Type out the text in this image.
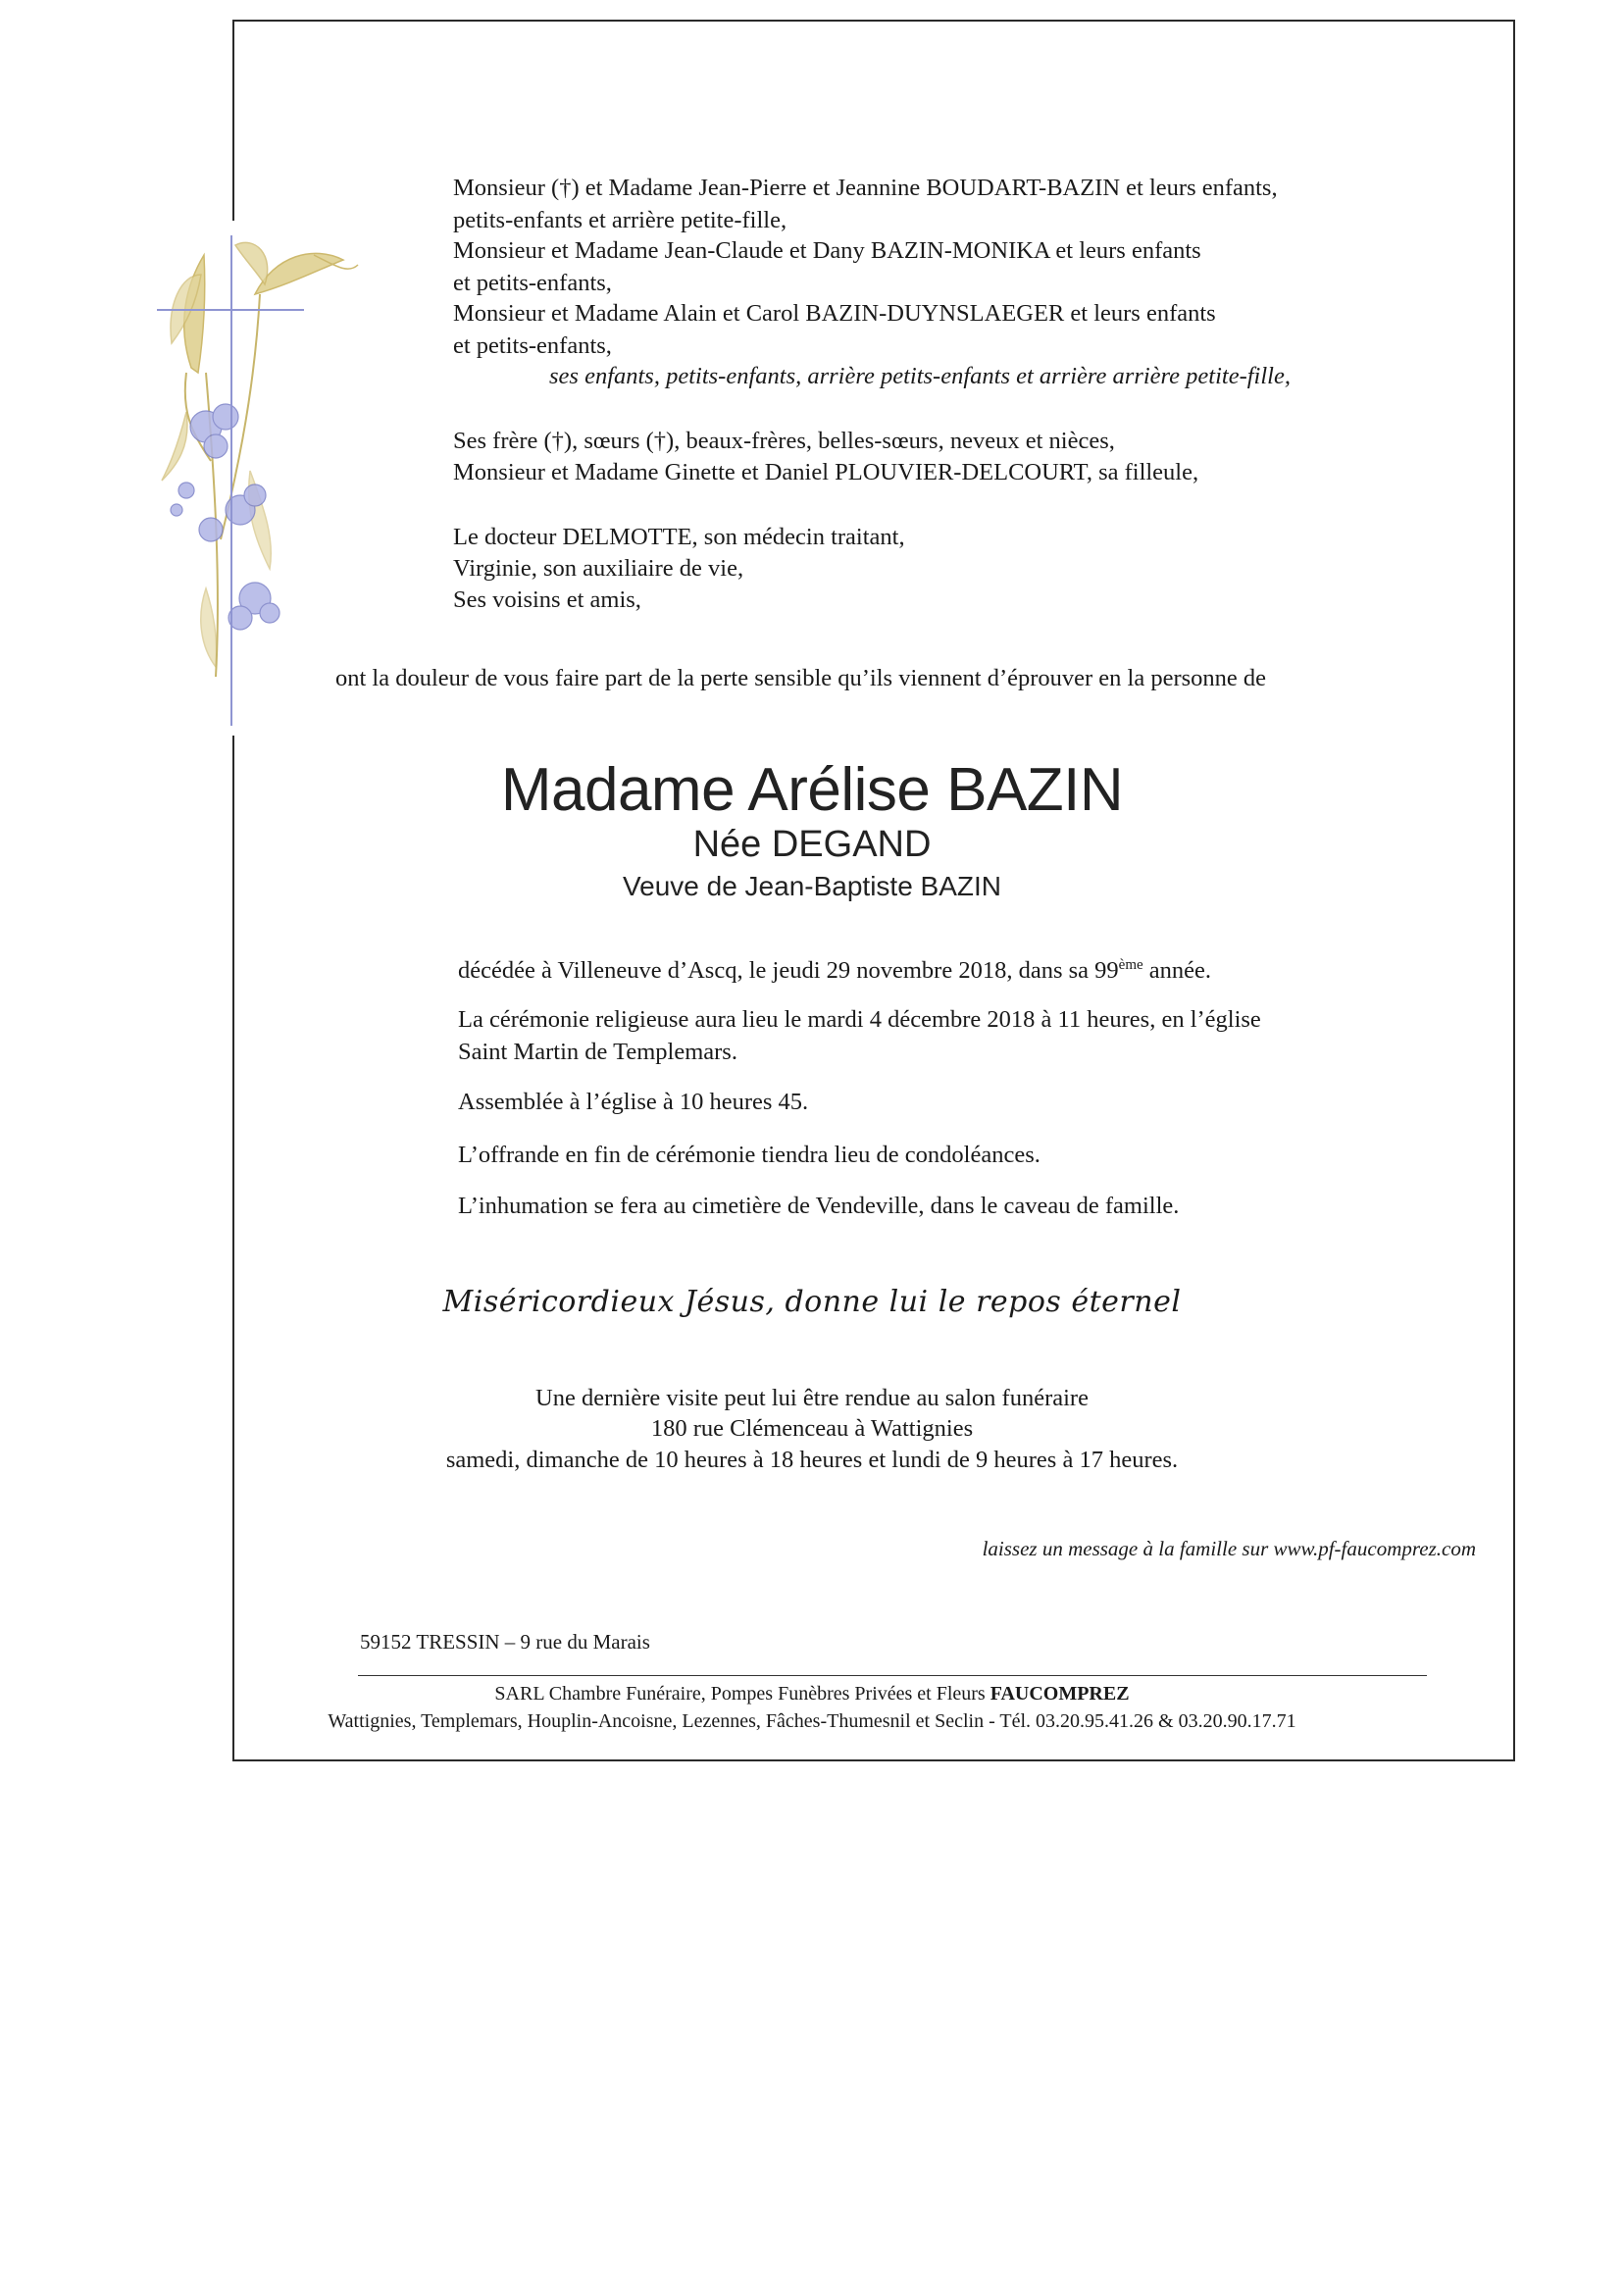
Monsieur (†) et Madame Jean-Pierre et Jeannine BOUDART-BAZIN et leurs enfants,
petits-enfants et arrière petite-fille,
Monsieur et Madame Jean-Claude et Dany BAZIN-MONIKA et leurs enfants
et petits-enfants,
Monsieur et Madame Alain et Carol BAZIN-DUYNSLAEGER et leurs enfants
et petits-enfants,
ses enfants, petits-enfants, arrière petits-enfants et arrière arrière petite-fille,
Ses frère (†), sœurs (†), beaux-frères, belles-sœurs, neveux et nièces,
Monsieur et Madame Ginette et Daniel PLOUVIER-DELCOURT, sa filleule,
Le docteur DELMOTTE, son médecin traitant,
Virginie, son auxiliaire de vie,
Ses voisins et amis,
ont la douleur de vous faire part de la perte sensible qu’ils viennent d’éprouver en la personne de
Madame Arélise BAZIN
Née DEGAND
Veuve de Jean-Baptiste BAZIN
décédée à Villeneuve d’Ascq, le jeudi 29 novembre 2018, dans sa 99ème année.
La cérémonie religieuse aura lieu le mardi 4 décembre 2018 à 11 heures, en l’église
Saint Martin de Templemars.
Assemblée à l’église à 10 heures 45.
L’offrande en fin de cérémonie tiendra lieu de condoléances.
L’inhumation se fera au cimetière de Vendeville, dans le caveau de famille.
Miséricordieux Jésus, donne lui le repos éternel
Une dernière visite peut lui être rendue au salon funéraire
180 rue Clémenceau à Wattignies
samedi, dimanche de 10 heures à 18 heures et lundi de 9 heures à 17 heures.
laissez un message à la famille sur www.pf-faucomprez.com
59152 TRESSIN – 9 rue du Marais
SARL Chambre Funéraire, Pompes Funèbres Privées et Fleurs FAUCOMPREZ
Wattignies, Templemars, Houplin-Ancoisne, Lezennes, Fâches-Thumesnil et Seclin - Tél. 03.20.95.41.26 & 03.20.90.17.71
